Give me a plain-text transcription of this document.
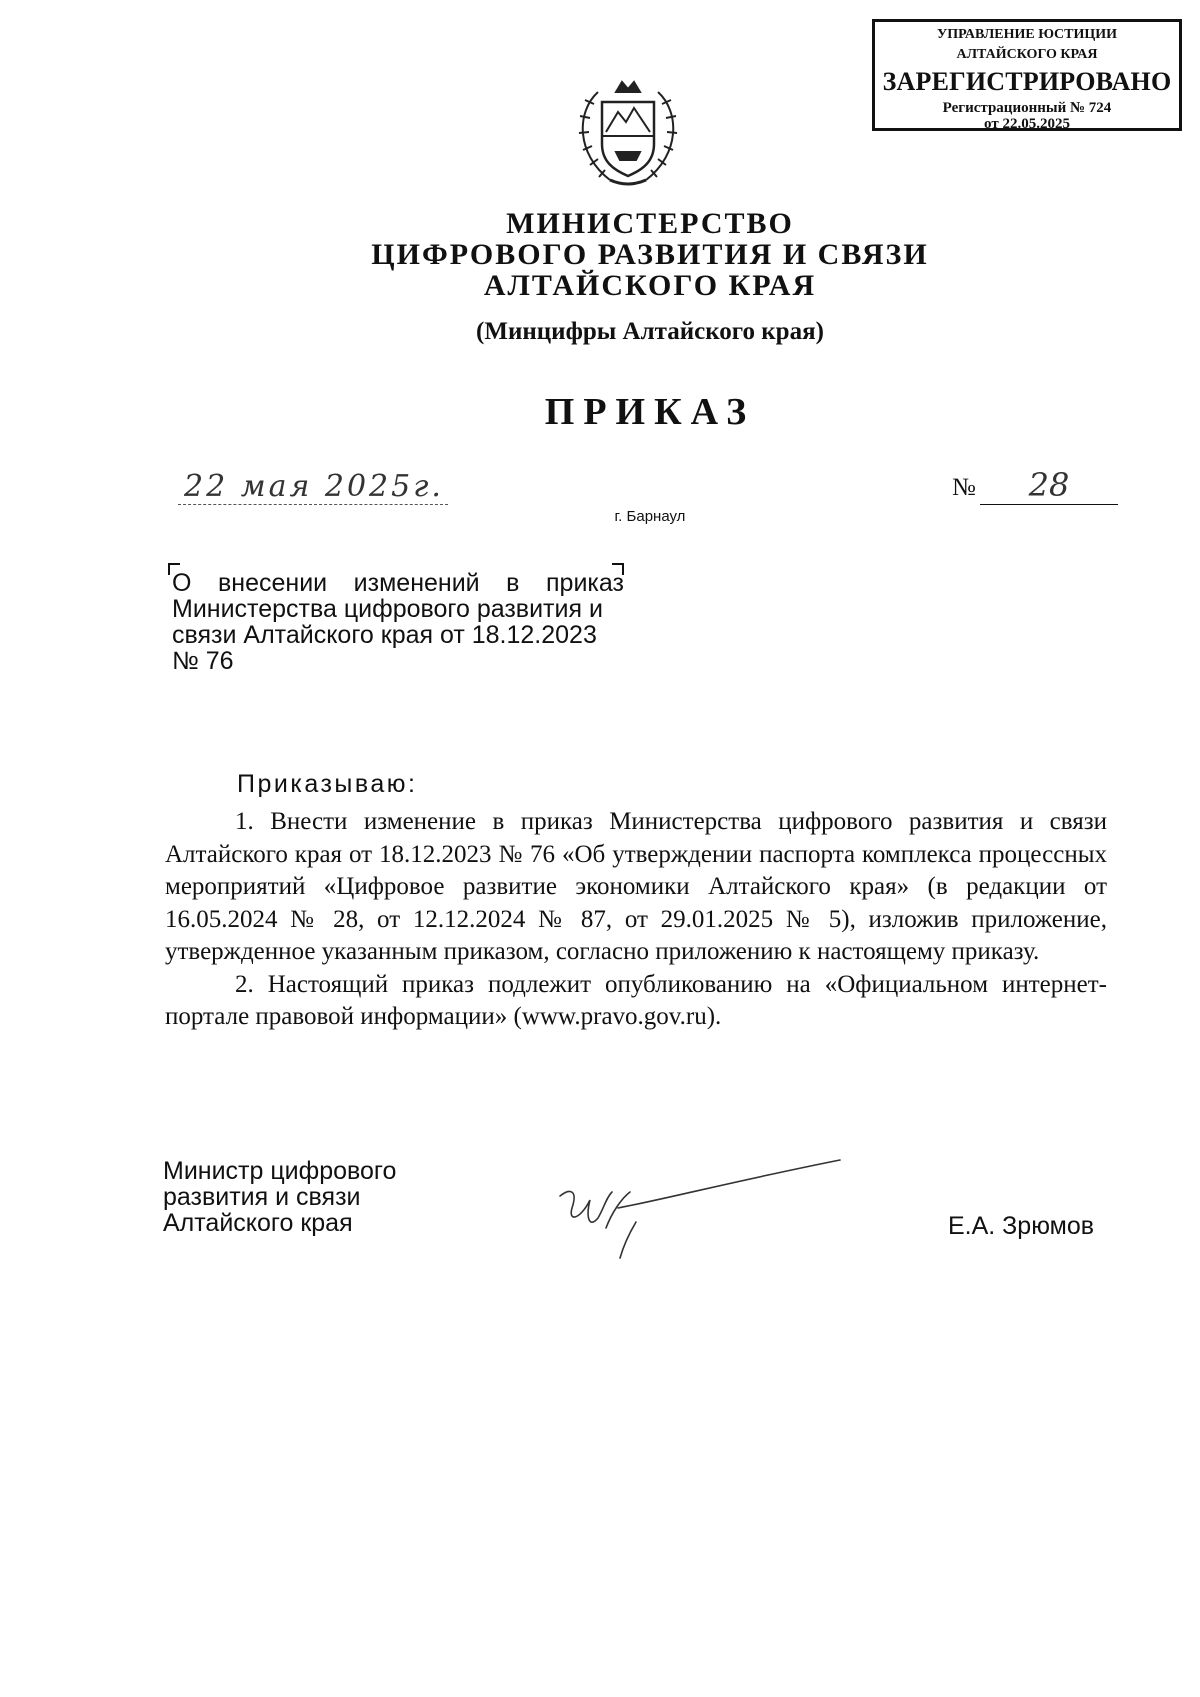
УПРАВЛЕНИЕ ЮСТИЦИИ
АЛТАЙСКОГО КРАЯ
ЗАРЕГИСТРИРОВАНО
Регистрационный № 724
от 22.05.2025
МИНИСТЕРСТВО
ЦИФРОВОГО РАЗВИТИЯ И СВЯЗИ
АЛТАЙСКОГО КРАЯ
(Минцифры Алтайского края)
ПРИКАЗ
22 мая 2025г.	№	28
г. Барнаул
О внесении изменений в приказ
Министерства цифрового развития и
связи Алтайского края от 18.12.2023
№ 76
Приказываю:

1. Внести изменение в приказ Министерства цифрового развития и связи Алтайского края от 18.12.2023 № 76 «Об утверждении паспорта комплекса процессных мероприятий «Цифровое развитие экономики Алтайского края» (в редакции от 16.05.2024 № 28, от 12.12.2024 № 87, от 29.01.2025 № 5), изложив приложение, утвержденное указанным приказом, согласно приложению к настоящему приказу.

2. Настоящий приказ подлежит опубликованию на «Официальном интернет-портале правовой информации» (www.pravo.gov.ru).

Министр цифрового
развития и связи
Алтайского края	Е.А. Зрюмов
